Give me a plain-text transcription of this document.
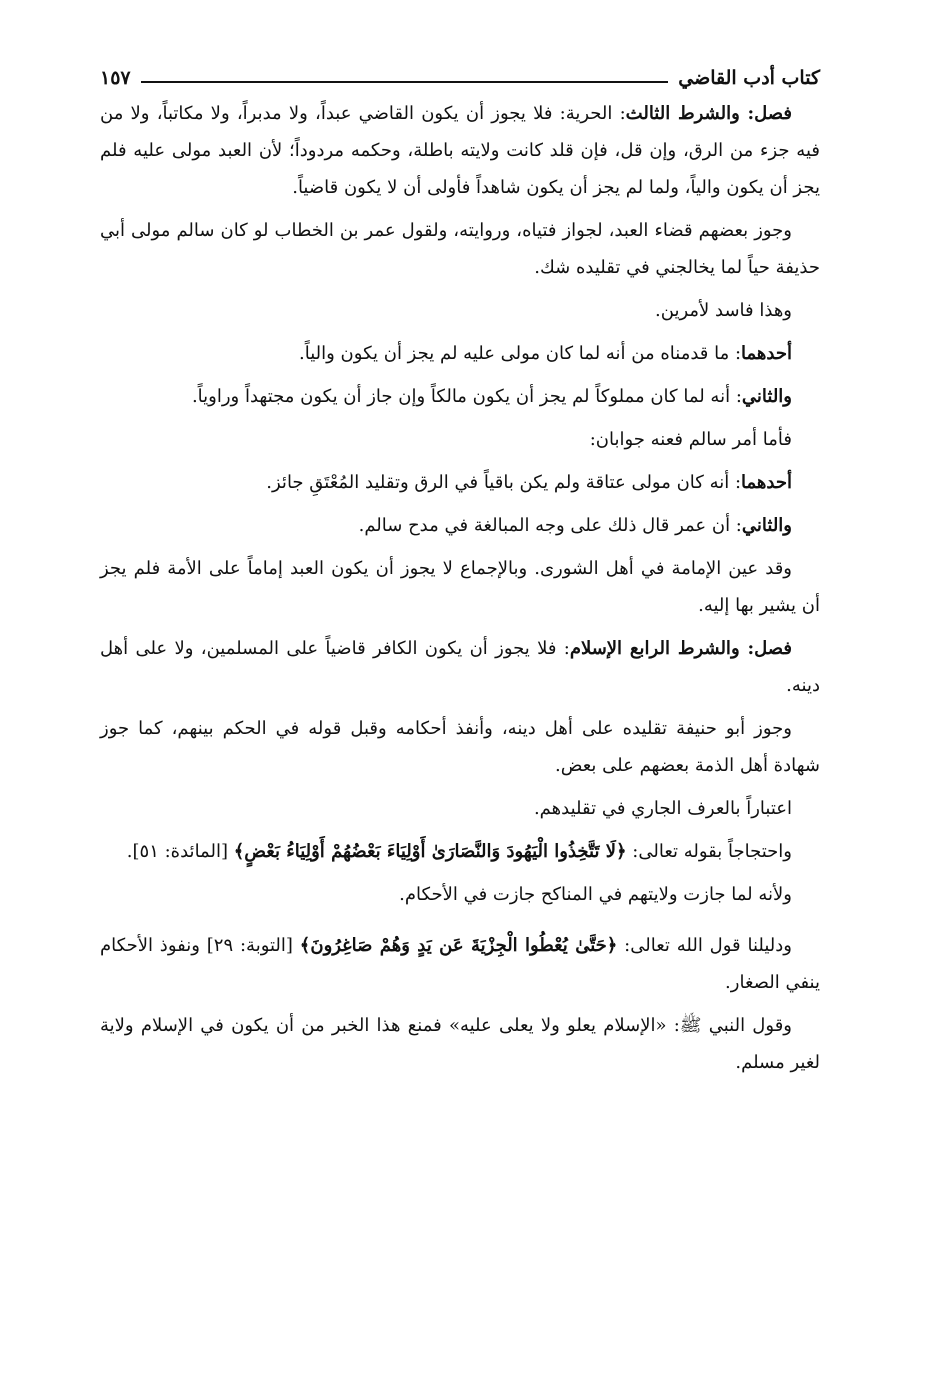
كتاب أدب القاضي
١٥٧

فصل: والشرط الثالث: الحرية: فلا يجوز أن يكون القاضي عبداً، ولا مدبراً، ولا مكاتباً، ولا من فيه جزء من الرق، وإن قل، فإن قلد كانت ولايته باطلة، وحكمه مردوداً؛ لأن العبد مولى عليه فلم يجز أن يكون والياً، ولما لم يجز أن يكون شاهداً فأولى أن لا يكون قاضياً.

وجوز بعضهم قضاء العبد، لجواز فتياه، وروايته، ولقول عمر بن الخطاب لو كان سالم مولى أبي حذيفة حياً لما يخالجني في تقليده شك.

وهذا فاسد لأمرين.

أحدهما: ما قدمناه من أنه لما كان مولى عليه لم يجز أن يكون والياً.

والثاني: أنه لما كان مملوكاً لم يجز أن يكون مالكاً وإن جاز أن يكون مجتهداً وراوياً.

فأما أمر سالم فعنه جوابان:

أحدهما: أنه كان مولى عتاقة ولم يكن باقياً في الرق وتقليد المُعْتَقِ جائز.

والثاني: أن عمر قال ذلك على وجه المبالغة في مدح سالم.

وقد عين الإمامة في أهل الشورى. وبالإجماع لا يجوز أن يكون العبد إماماً على الأمة فلم يجز أن يشير بها إليه.

فصل: والشرط الرابع الإسلام: فلا يجوز أن يكون الكافر قاضياً على المسلمين، ولا على أهل دينه.

وجوز أبو حنيفة تقليده على أهل دينه، وأنفذ أحكامه وقبل قوله في الحكم بينهم، كما جوز شهادة أهل الذمة بعضهم على بعض.

اعتباراً بالعرف الجاري في تقليدهم.

واحتجاجاً بقوله تعالى: ﴿لَا تَتَّخِذُوا الْيَهُودَ وَالنَّصَارَىٰ أَوْلِيَاءَ بَعْضُهُمْ أَوْلِيَاءُ بَعْضٍ﴾ [المائدة: ٥١].

ولأنه لما جازت ولايتهم في المناكح جازت في الأحكام.

ودليلنا قول الله تعالى: ﴿حَتَّىٰ يُعْطُوا الْجِزْيَةَ عَن يَدٍ وَهُمْ صَاغِرُونَ﴾ [التوبة: ٢٩] ونفوذ الأحكام ينفي الصغار.

وقول النبي ﷺ: «الإسلام يعلو ولا يعلى عليه» فمنع هذا الخبر من أن يكون في الإسلام ولاية لغير مسلم.
